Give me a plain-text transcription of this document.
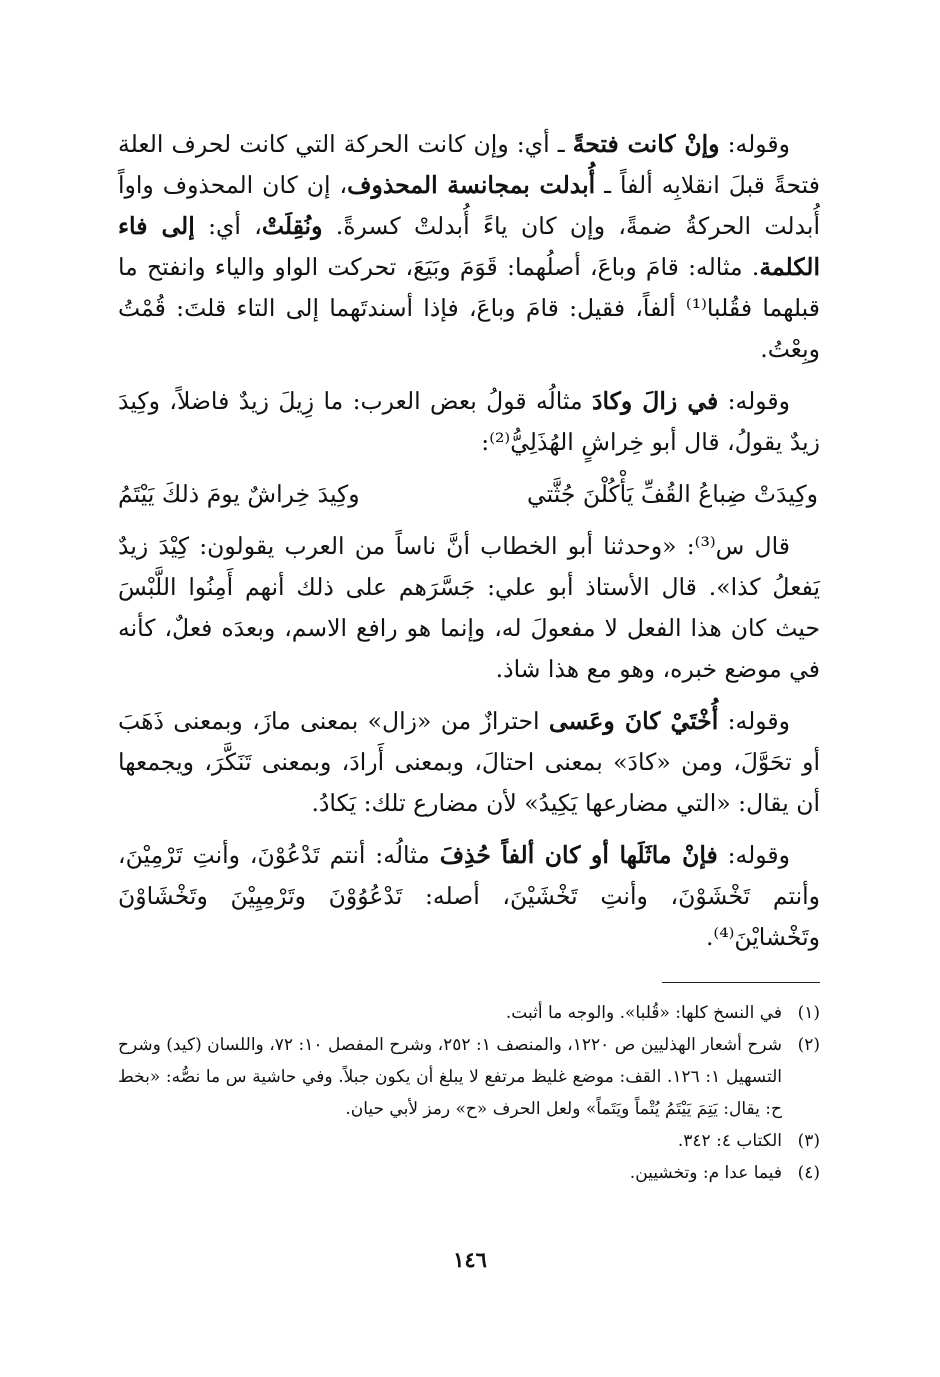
وقوله: وإنْ كانت فتحةً ـ أي: وإن كانت الحركة التي كانت لحرف العلة فتحةً قبلَ انقلابِه ألفاً ـ أُبدلت بمجانسة المحذوف، إن كان المحذوف واواً أُبدلت الحركةُ ضمةً، وإن كان ياءً أُبدلتْ كسرةً. ونُقِلَتْ، أي: إلى فاء الكلمة. مثاله: قامَ وباعَ، أصلُهما: قَوَمَ وبَيَعَ، تحركت الواو والياء وانفتح ما قبلهما فقُلبا⁽¹⁾ ألفاً، فقيل: قامَ وباعَ، فإذا أسندتَهما إلى التاء قلتَ: قُمْتُ وبِعْتُ.

وقوله: في زالَ وكادَ مثالُه قولُ بعض العرب: ما زِيلَ زيدٌ فاضلاً، وكِيدَ زيدٌ يقولُ، قال أبو خِراشٍ الهُذَلِيُّ⁽²⁾:

وكِيدَتْ ضِباعُ القُفِّ يَأْكُلْنَ جُثَّتي
وكِيدَ خِراشٌ يومَ ذلكَ يَيْتَمُ

قال س⁽³⁾: «وحدثنا أبو الخطاب أنَّ ناساً من العرب يقولون: كِيْدَ زيدٌ يَفعلُ كذا». قال الأستاذ أبو علي: جَسَّرَهم على ذلك أنهم أَمِنُوا اللَّبْسَ حيث كان هذا الفعل لا مفعولَ له، وإنما هو رافع الاسم، وبعدَه فعلٌ، كأنه في موضع خبره، وهو مع هذا شاذ.

وقوله: أُخْتَيْ كانَ وعَسى احترازٌ من «زال» بمعنى مازَ، وبمعنى ذَهَبَ أو تحَوَّلَ، ومن «كادَ» بمعنى احتالَ، وبمعنى أَرادَ، وبمعنى تَنَكَّرَ، ويجمعها أن يقال: «التي مضارعها يَكِيدُ» لأن مضارع تلك: يَكادُ.

وقوله: فإنْ ماثَلَها أو كان ألفاً حُذِفَ مثالُه: أنتم تَدْعُوْنَ، وأنتِ تَرْمِيْنَ، وأنتم تَخْشَوْنَ، وأنتِ تَخْشَيْنَ، أصله: تَدْعُوُوْنَ وتَرْمِيِيْنَ وتَخْشَاوْنَ وتَخْشايْنَ⁽⁴⁾.

(١)
في النسخ كلها: «قُلبا». والوجه ما أثبت.
(٢)
شرح أشعار الهذليين ص ١٢٢٠، والمنصف ١: ٢٥٢، وشرح المفصل ١٠: ٧٢، واللسان (كيد) وشرح التسهيل ١: ١٢٦. القف: موضع غليظ مرتفع لا يبلغ أن يكون جبلاً. وفي حاشية س ما نصُّه: «بخط ح: يقال: يَتِمَ يَيْتَمُ يُتْماً ويَتَماً» ولعل الحرف «ح» رمز لأبي حيان.
(٣)
الكتاب ٤: ٣٤٢.
(٤)
فيما عدا م: وتخشيين.
١٤٦
